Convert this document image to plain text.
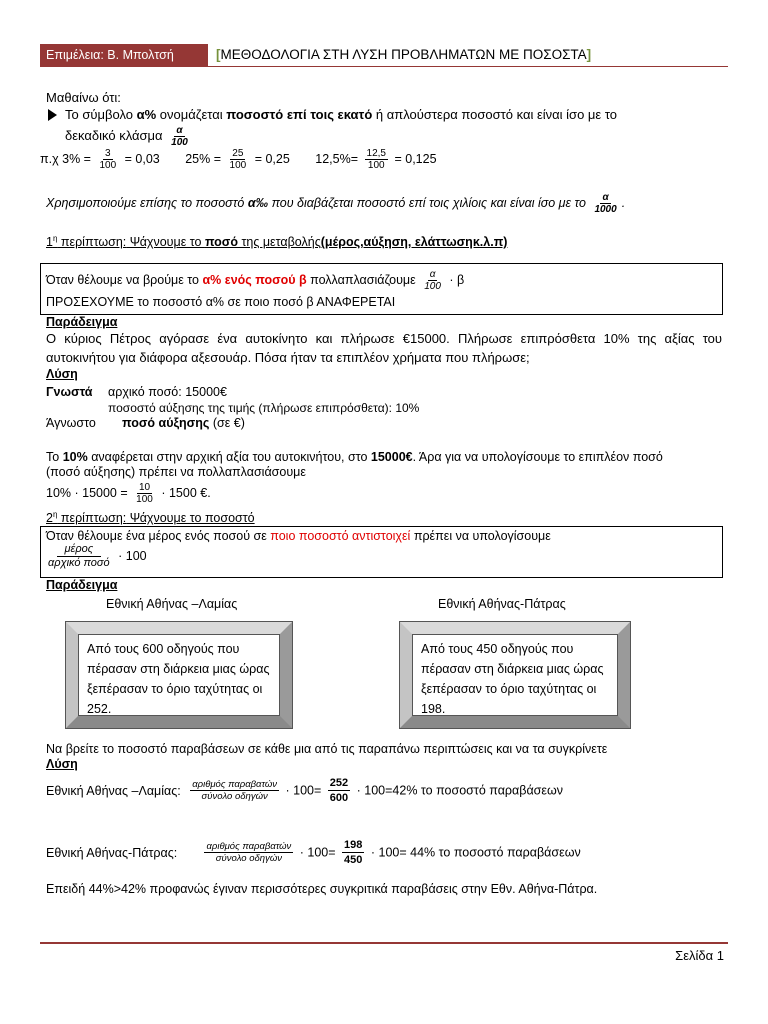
Επιμέλεια: Β. Μπολτσή	[ΜΕΘΟΔΟΛΟΓΙΑ ΣΤΗ ΛΥΣΗ ΠΡΟΒΛΗΜΑΤΩΝ ΜΕ ΠΟΣΟΣΤΑ]
Μαθαίνω ότι:
Το σύμβολο α% ονομάζεται ποσοστό επί τοις εκατό ή απλούστερα ποσοστό και είναι ίσο με το
δεκαδικό κλάσμα $\frac{\alpha}{100}$
π.χ $3\% = \frac{3}{100} = 0,03$ $25\% = \frac{25}{100} = 0,25$ $12,5\%= \frac{12,5}{100} = 0,125$
Χρησιμοποιούμε επίσης το ποσοστό α‰ που διαβάζεται ποσοστό επί τοις χιλίοις και είναι ίσο με το $\frac{\alpha}{1000}$ .
$1^\eta$ περίπτωση: Ψάχνουμε το ποσό της μεταβολής(μέρος,αύξηση, ελάττωσηκ.λ.π)
Όταν θέλουμε να βρούμε το α% ενός ποσού β πολλαπλασιάζουμε $\frac{\alpha}{100} \cdot \beta$
ΠΡΟΣΕΧΟΥΜΕ το ποσοστό α% σε ποιο ποσό β ΑΝΑΦΕΡΕΤΑΙ
Παράδειγμα
Ο κύριος Πέτρος αγόρασε ένα αυτοκίνητο και πλήρωσε €15000. Πλήρωσε επιπρόσθετα 10% της αξίας του αυτοκινήτου για διάφορα αξεσουάρ. Πόσα ήταν τα επιπλέον χρήματα που πλήρωσε;
Λύση
Γνωστά αρχικό ποσό: 15000€
ποσοστό αύξησης της τιμής (πλήρωσε επιπρόσθετα): 10%
Άγνωστο ποσό αύξησης (σε €)
Το 10% αναφέρεται στην αρχική αξία του αυτοκινήτου, στο 15000€. Άρα για να υπολογίσουμε το επιπλέον ποσό
(ποσό αύξησης) πρέπει να πολλαπλασιάσουμε
$10\% \cdot 15000 = \frac{10}{100} \cdot 1500$ €.
$2^\eta$ περίπτωση: Ψάχνουμε το ποσοστό
Όταν θέλουμε ένα μέρος ενός ποσού σε ποιο ποσοστό αντιστοιχεί πρέπει να υπολογίσουμε
$\frac{\text{μέρος}}{\text{αρχικό ποσό}} \cdot 100$
Παράδειγμα
Εθνική Αθήνας –Λαμίας	Εθνική Αθήνας-Πάτρας
Από τους 600 οδηγούς που πέρασαν στη διάρκεια μιας ώρας ξεπέρασαν το όριο ταχύτητας οι 252.
Από τους 450 οδηγούς που πέρασαν στη διάρκεια μιας ώρας ξεπέρασαν το όριο ταχύτητας οι 198.
Να βρείτε το ποσοστό παραβάσεων σε κάθε μια από τις παραπάνω περιπτώσεις και να τα συγκρίνετε
Λύση
Εθνική Αθήνας –Λαμίας: $\frac{\text{αριθμός παραβατών}}{\text{σύνολο οδηγών}} \cdot 100= \frac{252}{600} \cdot 100=42\%$ το ποσοστό παραβάσεων
Εθνική Αθήνας-Πάτρας:	$\frac{\text{αριθμός παραβατών}}{\text{σύνολο οδηγών}} \cdot 100= \frac{198}{450} \cdot 100= 44\%$ το ποσοστό παραβάσεων
Επειδή 44%>42% προφανώς έγιναν περισσότερες συγκριτικά παραβάσεις στην Εθν. Αθήνα-Πάτρα.
Σελίδα 1
